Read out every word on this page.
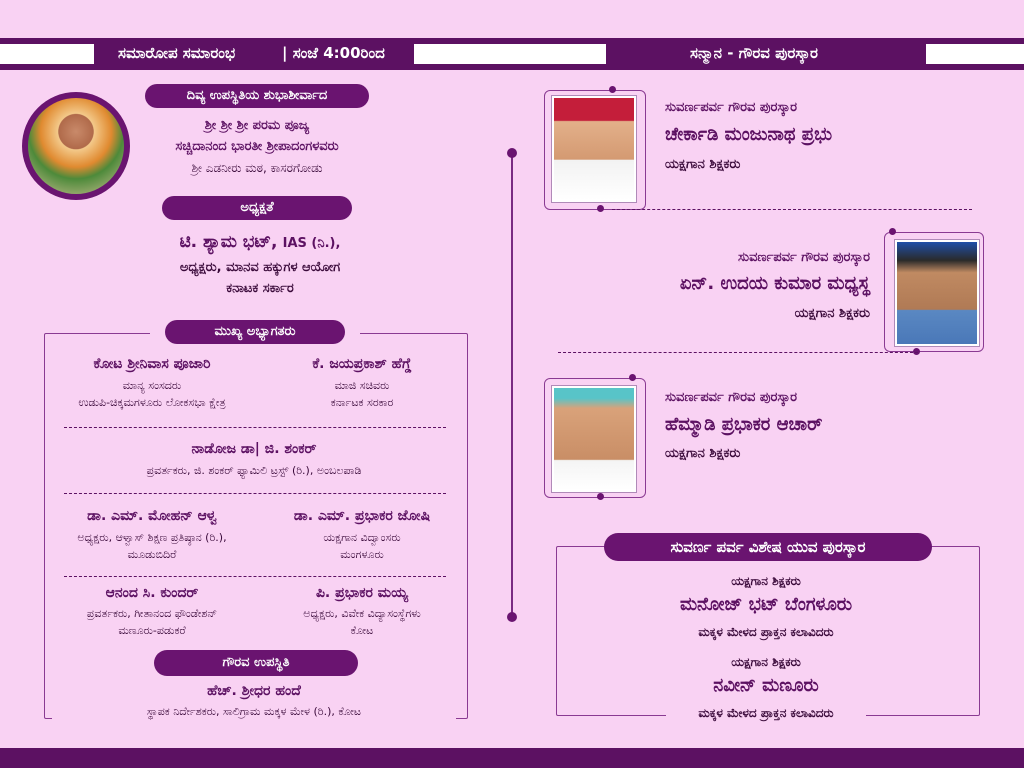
ಸಮಾರೋಪ ಸಮಾರಂಭ	| ಸಂಜೆ 4:00ರಿಂದ	ಸನ್ಮಾನ - ಗೌರವ ಪುರಸ್ಕಾರ
ದಿವ್ಯ ಉಪಸ್ಥಿತಿಯ ಶುಭಾಶೀರ್ವಾದ
ಶ್ರೀ ಶ್ರೀ ಶ್ರೀ ಪರಮ ಪೂಜ್ಯ
ಸಚ್ಚಿದಾನಂದ ಭಾರತೀ ಶ್ರೀಪಾದಂಗಳವರು
ಶ್ರೀ ಎಡನೀರು ಮಠ, ಕಾಸರಗೋಡು
ಅಧ್ಯಕ್ಷತೆ
ಟಿ. ಶ್ಯಾಮ ಭಟ್, IAS (ನಿ.),
ಅಧ್ಯಕ್ಷರು, ಮಾನವ ಹಕ್ಕುಗಳ ಆಯೋಗ
ಕನಾಟಕ ಸರ್ಕಾರ
ಮುಖ್ಯ ಅಭ್ಯಾಗತರು
ಕೋಟ ಶ್ರೀನಿವಾಸ ಪೂಜಾರಿ
ಮಾನ್ಯ ಸಂಸದರು
ಉಡುಪಿ-ಚಿಕ್ಕಮಗಳೂರು ಲೋಕಸಭಾ ಕ್ಷೇತ್ರ
ಕೆ. ಜಯಪ್ರಕಾಶ್ ಹೆಗ್ಡೆ
ಮಾಜಿ ಸಚಿವರು
ಕರ್ನಾಟಕ ಸರಕಾರ
ನಾಡೋಜ ಡಾ| ಜಿ. ಶಂಕರ್
ಪ್ರವರ್ತಕರು, ಜಿ. ಶಂಕರ್ ಫ್ಯಾಮಿಲಿ ಟ್ರಸ್ಟ್ (ರಿ.), ಅಂಬಲಪಾಡಿ
ಡಾ. ಎಮ್. ಮೋಹನ್ ಆಳ್ವ
ಅಧ್ಯಕ್ಷರು, ಆಳ್ವಾಸ್ ಶಿಕ್ಷಣ ಪ್ರತಿಷ್ಠಾನ (ರಿ.),
ಮೂಡುಬಿದಿರೆ
ಡಾ. ಎಮ್. ಪ್ರಭಾಕರ ಜೋಷಿ
ಯಕ್ಷಗಾನ ವಿದ್ವಾಂಸರು
ಮಂಗಳೂರು
ಆನಂದ ಸಿ. ಕುಂದರ್
ಪ್ರವರ್ತಕರು, ಗೀತಾನಂದ ಫೌಂಡೇಶನ್
ಮಣೂರು-ಪಡುಕರೆ
ಪಿ. ಪ್ರಭಾಕರ ಮಯ್ಯ
ಅಧ್ಯಕ್ಷರು, ವಿವೇಕ ವಿದ್ಯಾಸಂಸ್ಥೆಗಳು
ಕೋಟ
ಗೌರವ ಉಪಸ್ಥಿತಿ
ಹೆಚ್. ಶ್ರೀಧರ ಹಂದೆ
ಸ್ಥಾಪಕ ನಿರ್ದೇಶಕರು, ಸಾಲಿಗ್ರಾಮ ಮಕ್ಕಳ ಮೇಳ (ರಿ.), ಕೋಟ
ಸುವರ್ಣಪರ್ವ ಗೌರವ ಪುರಸ್ಕಾರ
ಚೇರ್ಕಾಡಿ ಮಂಜುನಾಥ ಪ್ರಭು
ಯಕ್ಷಗಾನ ಶಿಕ್ಷಕರು
ಸುವರ್ಣಪರ್ವ ಗೌರವ ಪುರಸ್ಕಾರ
ಏನ್. ಉದಯ ಕುಮಾರ ಮಧ್ಯಸ್ಥ
ಯಕ್ಷಗಾನ ಶಿಕ್ಷಕರು
ಸುವರ್ಣಪರ್ವ ಗೌರವ ಪುರಸ್ಕಾರ
ಹೆಮ್ಮಾಡಿ ಪ್ರಭಾಕರ ಆಚಾರ್
ಯಕ್ಷಗಾನ ಶಿಕ್ಷಕರು
ಸುವರ್ಣ ಪರ್ವ ವಿಶೇಷ ಯುವ ಪುರಸ್ಕಾರ
ಯಕ್ಷಗಾನ ಶಿಕ್ಷಕರು
ಮನೋಜ್ ಭಟ್ ಬೆಂಗಳೂರು
ಮಕ್ಕಳ ಮೇಳದ ಪ್ರಾಕ್ತನ ಕಲಾವಿದರು
ಯಕ್ಷಗಾನ ಶಿಕ್ಷಕರು
ನವೀನ್ ಮಣೂರು
ಮಕ್ಕಳ ಮೇಳದ ಪ್ರಾಕ್ತನ ಕಲಾವಿದರು
